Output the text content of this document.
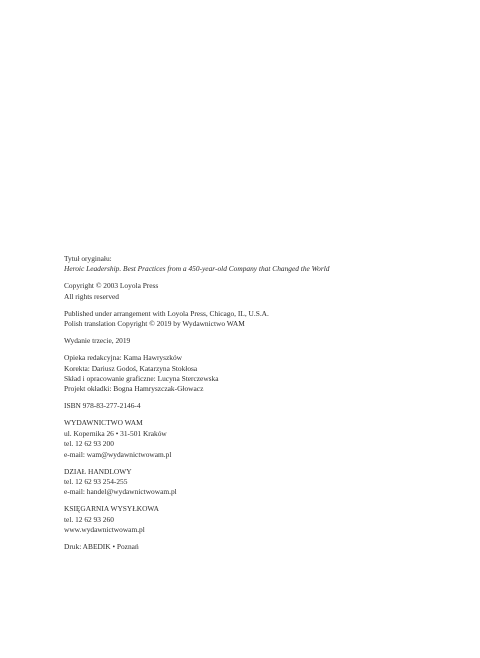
Tytuł oryginału:
Heroic Leadership. Best Practices from a 450-year-old Company that Changed the World
Copyright © 2003 Loyola Press
All rights reserved
Published under arrangement with Loyola Press, Chicago, IL, U.S.A.
Polish translation Copyright © 2019 by Wydawnictwo WAM
Wydanie trzecie, 2019
Opieka redakcyjna: Kama Hawryszków
Korekta: Dariusz Godoś, Katarzyna Stokłosa
Skład i opracowanie graficzne: Lucyna Sterczewska
Projekt okładki: Bogna Hamryszczak-Głowacz
ISBN 978-83-277-2146-4
WYDAWNICTWO WAM
ul. Kopernika 26 • 31-501 Kraków
tel. 12 62 93 200
e-mail: wam@wydawnictwowam.pl
DZIAŁ HANDLOWY
tel. 12 62 93 254-255
e-mail: handel@wydawnictwowam.pl
KSIĘGARNIA WYSYŁKOWA
tel. 12 62 93 260
www.wydawnictwowam.pl
Druk: ABEDIK • Poznań
